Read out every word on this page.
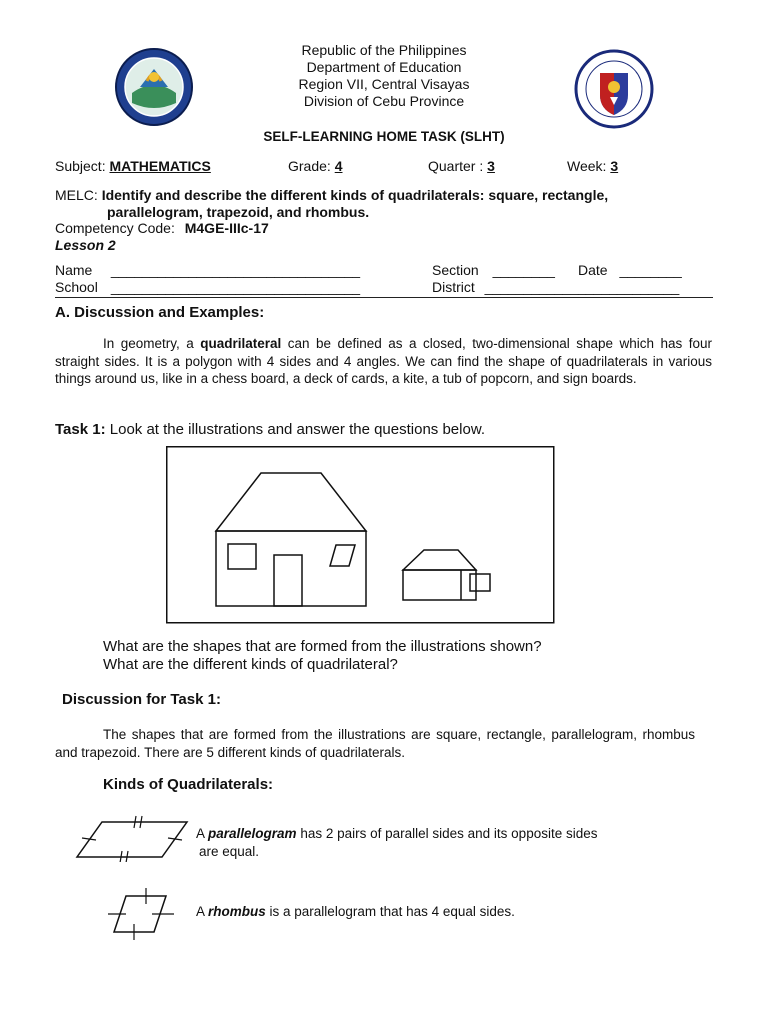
Republic of the Philippines
Department of Education
Region VII, Central Visayas
Division of Cebu Province
SELF-LEARNING HOME TASK (SLHT)
Subject: MATHEMATICS	Grade: 4	Quarter : 3	Week: 3
MELC: Identify and describe the different kinds of quadrilaterals: square, rectangle,
parallelogram, trapezoid, and rhombus.
Competency Code: M4GE-IIIc-17
Lesson 2
Name ________________________________	Section ________ Date ________
School ________________________________	District _________________________
A. Discussion and Examples:
In geometry, a quadrilateral can be defined as a closed, two-dimensional shape which has four straight sides. It is a polygon with 4 sides and 4 angles. We can find the shape of quadrilaterals in various things around us, like in a chess board, a deck of cards, a kite, a tub of popcorn, and sign boards.
Task 1: Look at the illustrations and answer the questions below.
What are the shapes that are formed from the illustrations shown?
What are the different kinds of quadrilateral?
Discussion for Task 1:
The shapes that are formed from the illustrations are square, rectangle, parallelogram, rhombus and trapezoid. There are 5 different kinds of quadrilaterals.
Kinds of Quadrilaterals:
A parallelogram has 2 pairs of parallel sides and its opposite sides
are equal.
A rhombus is a parallelogram that has 4 equal sides.
